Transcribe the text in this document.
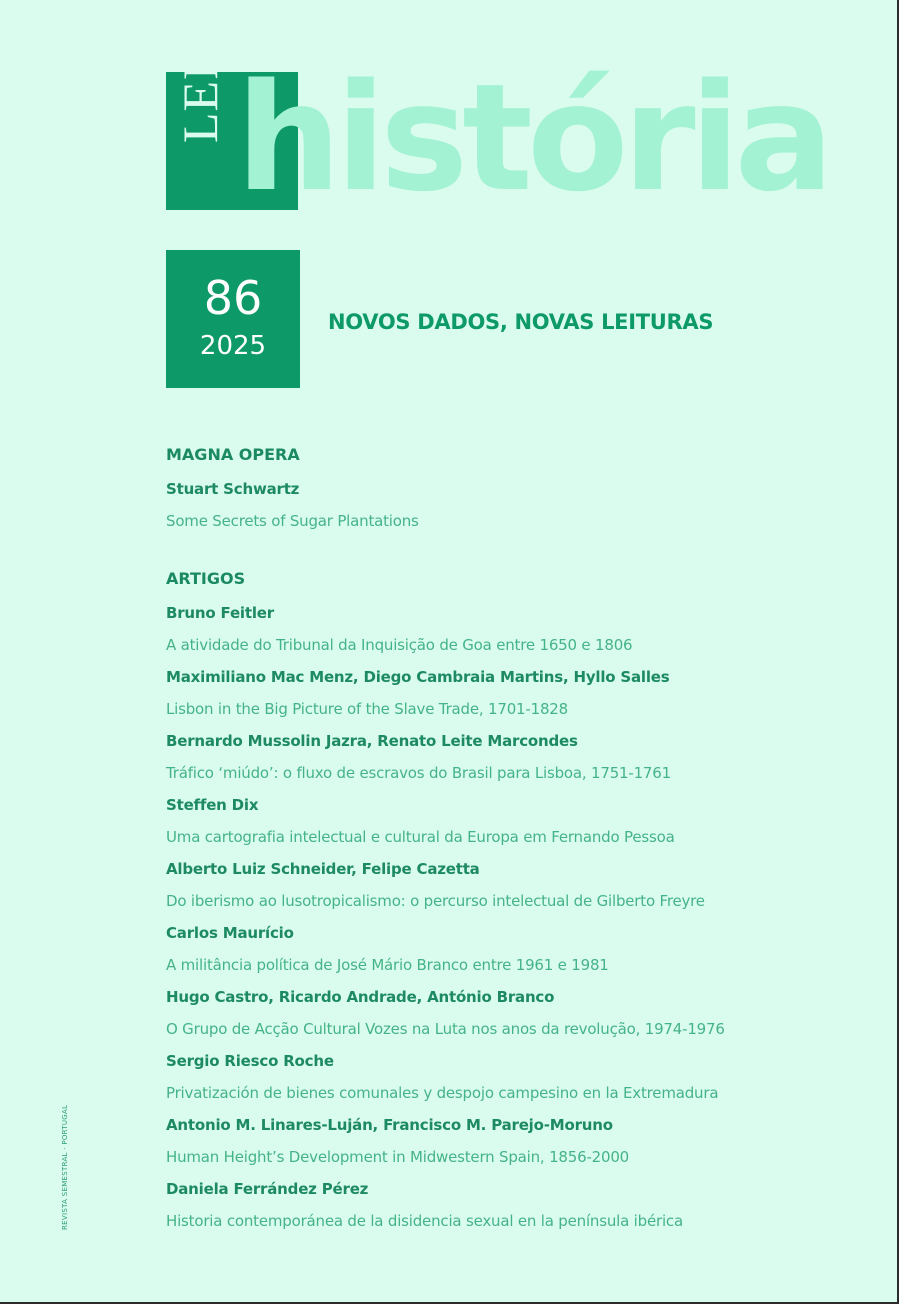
história
LER
86
2025
NOVOS DADOS, NOVAS LEITURAS
MAGNA OPERA
Stuart Schwartz
Some Secrets of Sugar Plantations
ARTIGOS
Bruno Feitler
A atividade do Tribunal da Inquisição de Goa entre 1650 e 1806
Maximiliano Mac Menz, Diego Cambraia Martins, Hyllo Salles
Lisbon in the Big Picture of the Slave Trade, 1701-1828
Bernardo Mussolin Jazra, Renato Leite Marcondes
Tráfico ‘miúdo’: o fluxo de escravos do Brasil para Lisboa, 1751-1761
Steffen Dix
Uma cartografia intelectual e cultural da Europa em Fernando Pessoa
Alberto Luiz Schneider, Felipe Cazetta
Do iberismo ao lusotropicalismo: o percurso intelectual de Gilberto Freyre
Carlos Maurício
A militância política de José Mário Branco entre 1961 e 1981
Hugo Castro, Ricardo Andrade, António Branco
O Grupo de Acção Cultural Vozes na Luta nos anos da revolução, 1974-1976
Sergio Riesco Roche
Privatización de bienes comunales y despojo campesino en la Extremadura
Antonio M. Linares-Luján, Francisco M. Parejo-Moruno
Human Height’s Development in Midwestern Spain, 1856-2000
Daniela Ferrández Pérez
Historia contemporánea de la disidencia sexual en la península ibérica
REVISTA SEMESTRAL · PORTUGAL
